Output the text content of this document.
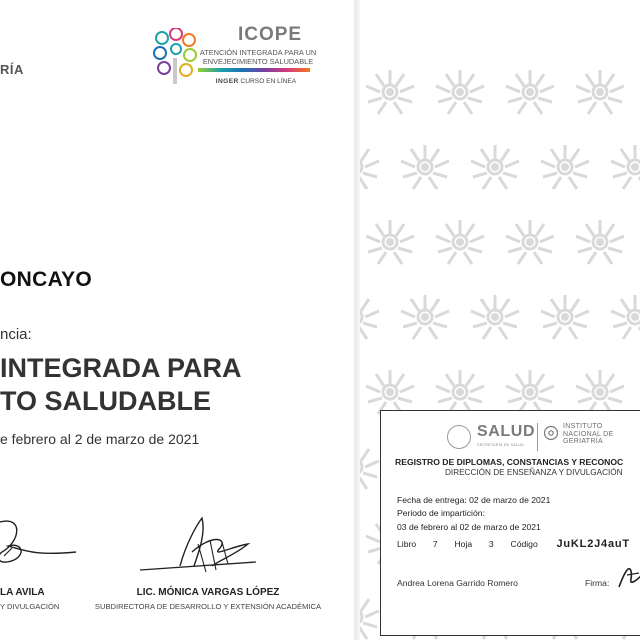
RÍA
ICOPE
ATENCIÓN INTEGRADA PARA UN ENVEJECIMIENTO SALUDABLE
INGER CURSO EN LÍNEA
ONCAYO
ncia:
INTEGRADA PARA
TO SALUDABLE
e febrero al 2 de marzo de 2021
LA AVILA
Y DIVULGACIÓN
LIC. MÓNICA VARGAS LÓPEZ
SUBDIRECTORA DE DESARROLLO Y EXTENSIÓN ACADÉMICA
SALUD
SECRETARÍA DE SALUD
INSTITUTO
NACIONAL DE
GERIATRÍA
REGISTRO DE DIPLOMAS, CONSTANCIAS Y RECONOC
DIRECCIÓN DE ENSEÑANZA Y DIVULGACIÓN
Fecha de entrega: 02 de marzo de 2021
Periodo de impartición:
03 de febrero al 02 de marzo de 2021
Libro 7 Hoja 3 Código JuKL2J4auT
Andrea Lorena Garrido Romero	Firma:
